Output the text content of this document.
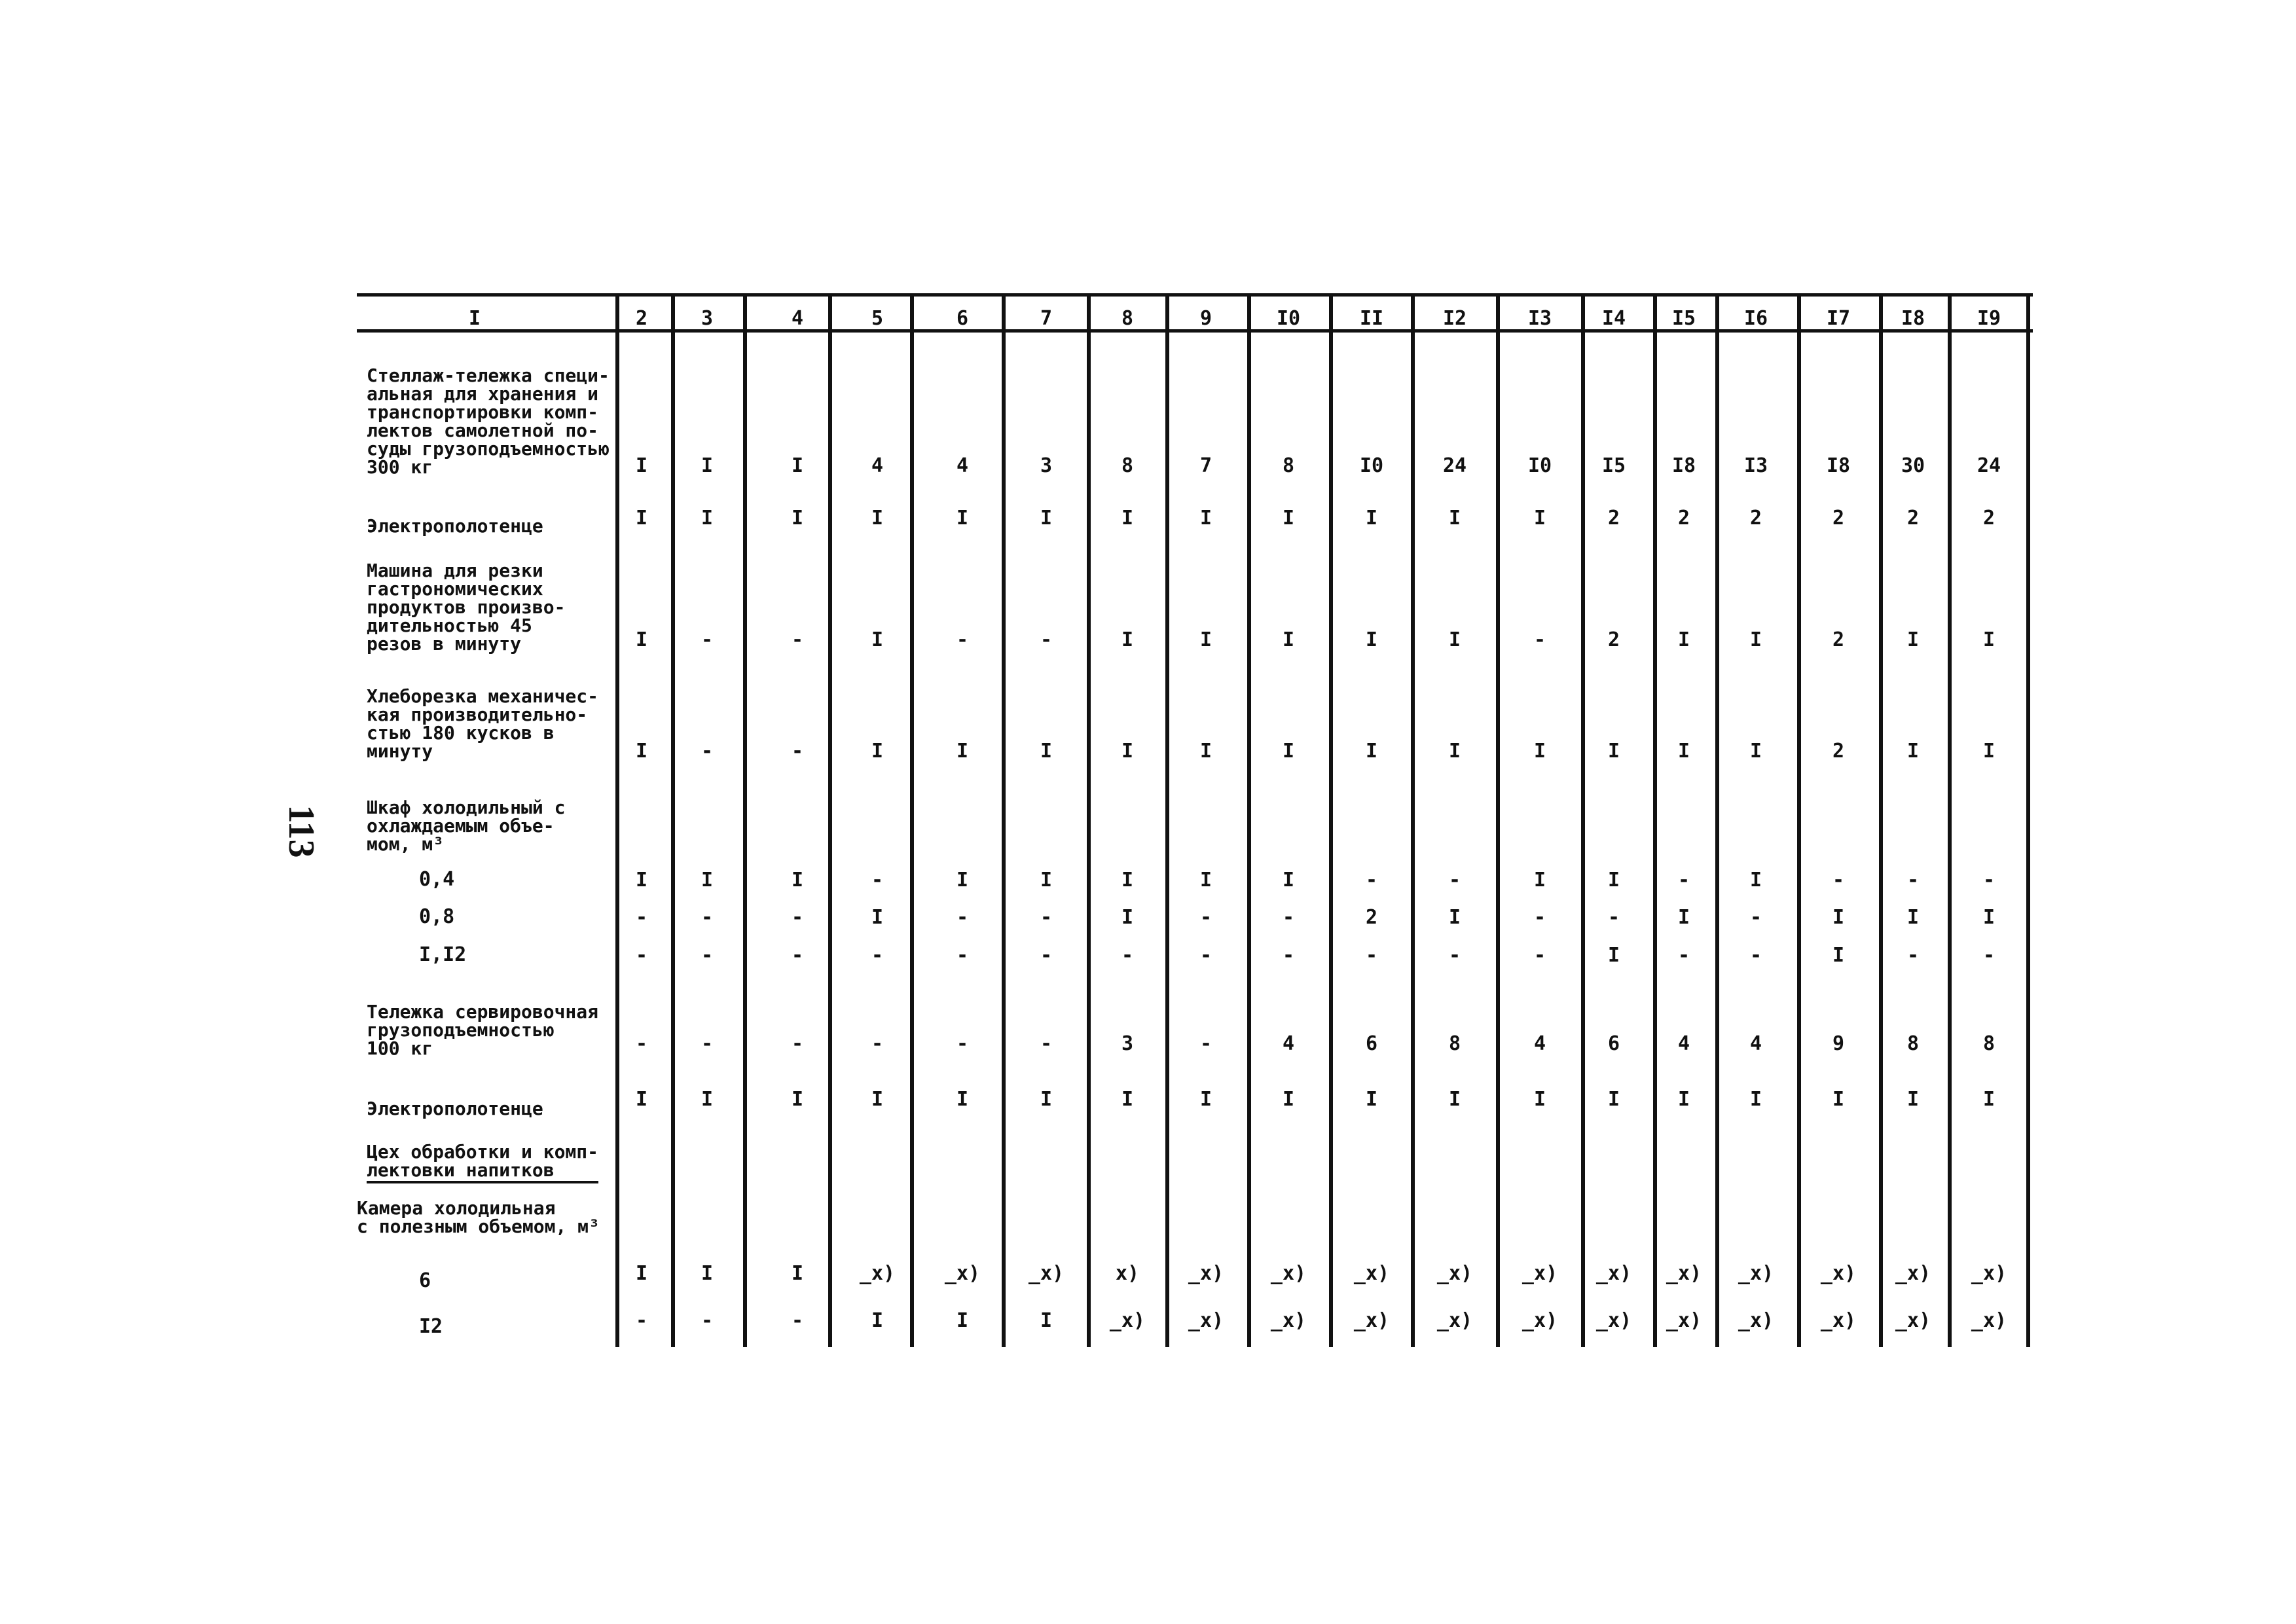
113
I	2	3	4	5	6	7	8	9	I0	II	I2	I3	I4	I5	I6	I7	I8	I9
Стеллаж-тележка специ-
альная для хранения и
транспортировки комп-
лектов самолетной по-
суды грузоподъемностью
300 кг	I	I	I	4	4	3	8	7	8	I0	24	I0	I5	I8	I3	I8	30	24
Электрополотенце	I	I	I	I	I	I	I	I	I	I	I	I	2	2	2	2	2	2
Машина для резки
гастрономических
продуктов произво-
дительностью 45
резов в минуту	I	-	-	I	-	-	I	I	I	I	I	-	2	I	I	2	I	I
Хлеборезка механичес-
кая производительно-
стью 180 кусков в
минуту	I	-	-	I	I	I	I	I	I	I	I	I	I	I	I	2	I	I
Шкаф холодильный с
охлаждаемым объе-
мом, м³
0,4	I	I	I	-	I	I	I	I	I	-	-	I	I	-	I	-	-	-
0,8	-	-	-	I	-	-	I	-	-	2	I	-	-	I	-	I	I	I
I,I2	-	-	-	-	-	-	-	-	-	-	-	-	I	-	-	I	-	-
Тележка сервировочная
грузоподъемностью
100 кг	-	-	-	-	-	-	3	-	4	6	8	4	6	4	4	9	8	8
Электрополотенце	I	I	I	I	I	I	I	I	I	I	I	I	I	I	I	I	I	I
Цех обработки и комп-
лектовки напитков
Камера холодильная
с полезным объемом, м³
6	I	I	I	_x)	_x)	_x)	x)	_x)	_x)	_x)	_x)	_x)	_x)	_x)	_x)	_x)	_x)	_x)
I2	-	-	-	I	I	I	_x)	_x)	_x)	_x)	_x)	_x)	_x)	_x)	_x)	_x)	_x)	_x)
